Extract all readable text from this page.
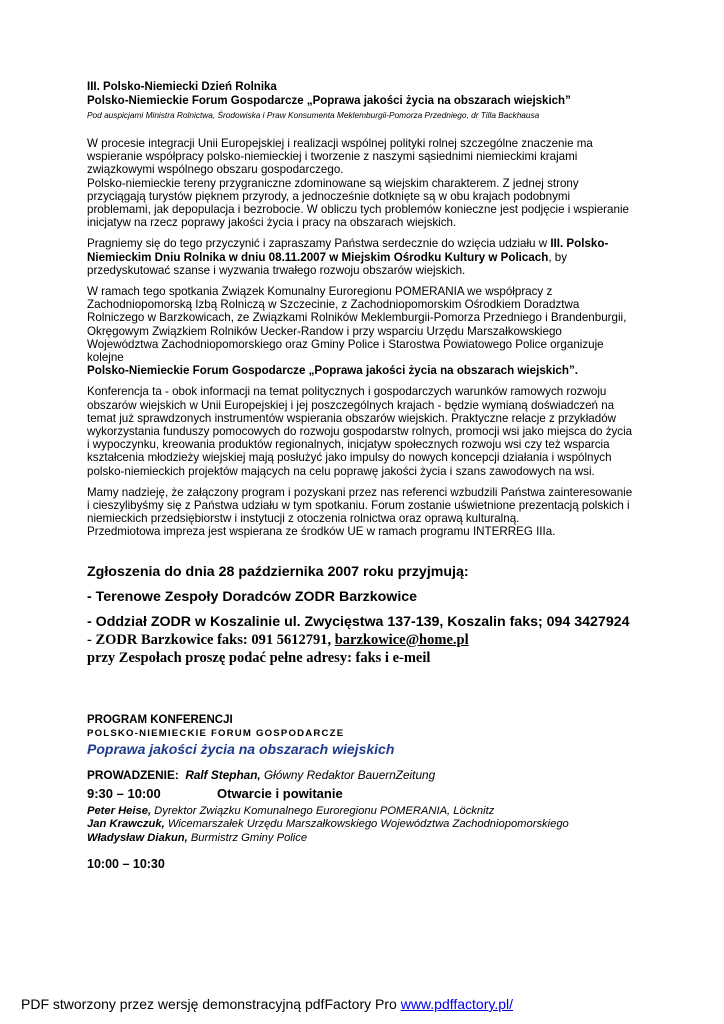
III. Polsko-Niemiecki Dzień Rolnika
Polsko-Niemieckie Forum Gospodarcze „Poprawa jakości życia na obszarach wiejskich”
Pod auspicjami Ministra Rolnictwa, Środowiska i Praw Konsumenta Meklemburgii-Pomorza Przedniego, dr Tilla Backhausa

W procesie integracji Unii Europejskiej i realizacji wspólnej polityki rolnej szczególne znaczenie ma wspieranie współpracy polsko-niemieckiej i tworzenie z naszymi sąsiednimi niemieckimi krajami związkowymi wspólnego obszaru gospodarczego.

Polsko-niemieckie tereny przygraniczne zdominowane są wiejskim charakterem. Z jednej strony przyciągają turystów pięknem przyrody, a jednocześnie dotknięte są w obu krajach podobnymi problemami, jak depopulacja i bezrobocie. W obliczu tych problemów konieczne jest podjęcie i wspieranie inicjatyw na rzecz poprawy jakości życia i pracy na obszarach wiejskich.

Pragniemy się do tego przyczynić i zapraszamy Państwa serdecznie do wzięcia udziału w III. Polsko-Niemieckim Dniu Rolnika w dniu 08.11.2007 w Miejskim Ośrodku Kultury w Policach, by przedyskutować szanse i wyzwania trwałego rozwoju obszarów wiejskich.

W ramach tego spotkania Związek Komunalny Euroregionu POMERANIA we współpracy z Zachodniopomorską Izbą Rolniczą w Szczecinie, z Zachodniopomorskim Ośrodkiem Doradztwa Rolniczego w Barzkowicach, ze Związkami Rolników Meklemburgii-Pomorza Przedniego i Brandenburgii, Okręgowym Związkiem Rolników Uecker-Randow i przy wsparciu Urzędu Marszałkowskiego Województwa Zachodniopomorskiego oraz Gminy Police i Starostwa Powiatowego Police organizuje kolejne

Polsko-Niemieckie Forum Gospodarcze „Poprawa jakości życia na obszarach wiejskich”.

Konferencja ta - obok informacji na temat politycznych i gospodarczych warunków ramowych rozwoju obszarów wiejskich w Unii Europejskiej i jej poszczególnych krajach - będzie wymianą doświadczeń na temat już sprawdzonych instrumentów wspierania obszarów wiejskich. Praktyczne relacje z przykładów wykorzystania funduszy pomocowych do rozwoju gospodarstw rolnych, promocji wsi jako miejsca do życia i wypoczynku, kreowania produktów regionalnych, inicjatyw społecznych rozwoju wsi czy też wsparcia kształcenia młodzieży wiejskiej mają posłużyć jako impulsy do nowych koncepcji działania i wspólnych polsko-niemieckich projektów mających na celu poprawę jakości życia i szans zawodowych na wsi.

Mamy nadzieję, że załączony program i pozyskani przez nas referenci wzbudzili Państwa zainteresowanie i cieszylibyśmy się z Państwa udziału w tym spotkaniu. Forum zostanie uświetnione prezentacją polskich i niemieckich przedsiębiorstw i instytucji z otoczenia rolnictwa oraz oprawą kulturalną.

Przedmiotowa impreza jest wspierana ze środków UE w ramach programu INTERREG IIIa.

Zgłoszenia do dnia 28 października 2007 roku przyjmują:
- Terenowe Zespoły Doradców ZODR Barzkowice
- Oddział ZODR w Koszalinie ul. Zwycięstwa 137-139, Koszalin faks; 094 3427924
- ZODR Barzkowice faks: 091 5612791, barzkowice@home.pl
przy Zespołach proszę podać pełne adresy: faks i e-meil
PROGRAM KONFERENCJI
POLSKO-NIEMIECKIE FORUM GOSPODARCZE
Poprawa jakości życia na obszarach wiejskich
PROWADZENIE: Ralf Stephan, Główny Redaktor BauernZeitung
9:30 – 10:00	Otwarcie i powitanie
Peter Heise, Dyrektor Związku Komunalnego Euroregionu POMERANIA, Löcknitz
Jan Krawczuk, Wicemarszałek Urzędu Marszałkowskiego Województwa Zachodniopomorskiego
Władysław Diakun, Burmistrz Gminy Police
10:00 – 10:30
PDF stworzony przez wersję demonstracyjną pdfFactory Pro www.pdffactory.pl/
